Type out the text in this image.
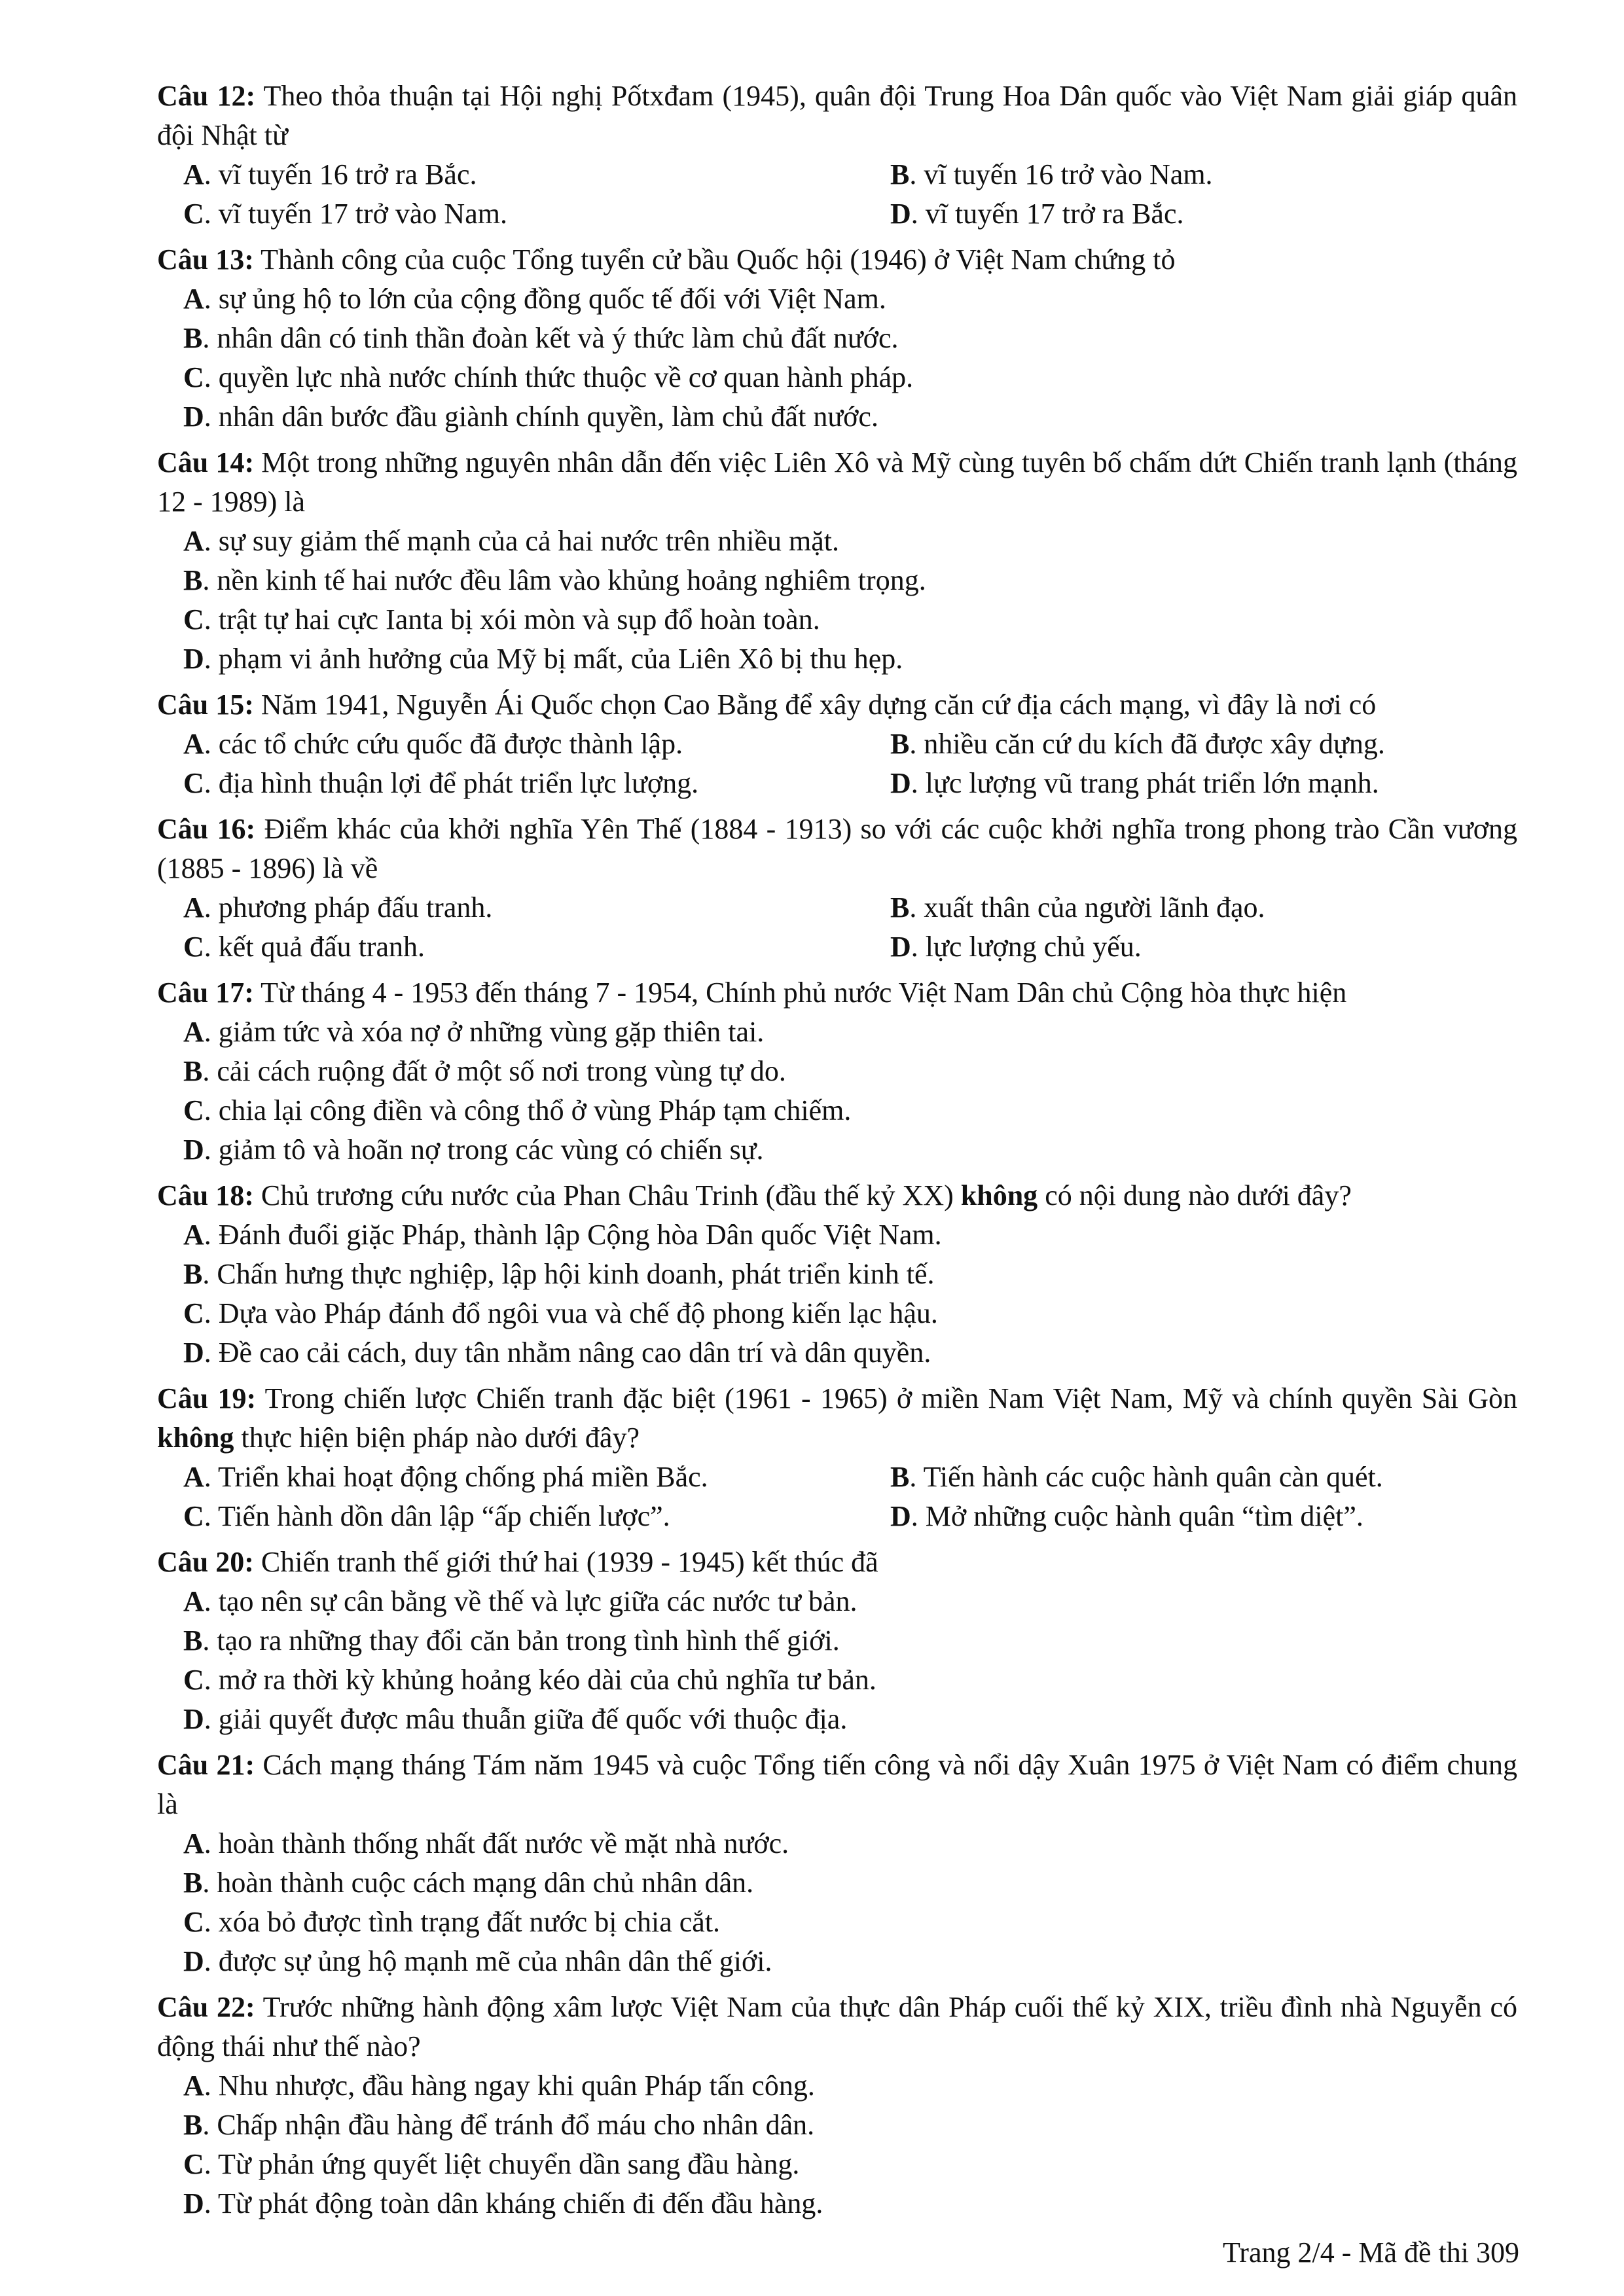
Câu 12: Theo thỏa thuận tại Hội nghị Pốtxđam (1945), quân đội Trung Hoa Dân quốc vào Việt Nam giải giáp quân đội Nhật từ
A. vĩ tuyến 16 trở ra Bắc.	B. vĩ tuyến 16 trở vào Nam.
C. vĩ tuyến 17 trở vào Nam.	D. vĩ tuyến 17 trở ra Bắc.
Câu 13: Thành công của cuộc Tổng tuyển cử bầu Quốc hội (1946) ở Việt Nam chứng tỏ
A. sự ủng hộ to lớn của cộng đồng quốc tế đối với Việt Nam.
B. nhân dân có tinh thần đoàn kết và ý thức làm chủ đất nước.
C. quyền lực nhà nước chính thức thuộc về cơ quan hành pháp.
D. nhân dân bước đầu giành chính quyền, làm chủ đất nước.
Câu 14: Một trong những nguyên nhân dẫn đến việc Liên Xô và Mỹ cùng tuyên bố chấm dứt Chiến tranh lạnh (tháng 12 - 1989) là
A. sự suy giảm thế mạnh của cả hai nước trên nhiều mặt.
B. nền kinh tế hai nước đều lâm vào khủng hoảng nghiêm trọng.
C. trật tự hai cực Ianta bị xói mòn và sụp đổ hoàn toàn.
D. phạm vi ảnh hưởng của Mỹ bị mất, của Liên Xô bị thu hẹp.
Câu 15: Năm 1941, Nguyễn Ái Quốc chọn Cao Bằng để xây dựng căn cứ địa cách mạng, vì đây là nơi có
A. các tổ chức cứu quốc đã được thành lập.	B. nhiều căn cứ du kích đã được xây dựng.
C. địa hình thuận lợi để phát triển lực lượng.	D. lực lượng vũ trang phát triển lớn mạnh.
Câu 16: Điểm khác của khởi nghĩa Yên Thế (1884 - 1913) so với các cuộc khởi nghĩa trong phong trào Cần vương (1885 - 1896) là về
A. phương pháp đấu tranh.	B. xuất thân của người lãnh đạo.
C. kết quả đấu tranh.	D. lực lượng chủ yếu.
Câu 17: Từ tháng 4 - 1953 đến tháng 7 - 1954, Chính phủ nước Việt Nam Dân chủ Cộng hòa thực hiện
A. giảm tức và xóa nợ ở những vùng gặp thiên tai.
B. cải cách ruộng đất ở một số nơi trong vùng tự do.
C. chia lại công điền và công thổ ở vùng Pháp tạm chiếm.
D. giảm tô và hoãn nợ trong các vùng có chiến sự.
Câu 18: Chủ trương cứu nước của Phan Châu Trinh (đầu thế kỷ XX) không có nội dung nào dưới đây?
A. Đánh đuổi giặc Pháp, thành lập Cộng hòa Dân quốc Việt Nam.
B. Chấn hưng thực nghiệp, lập hội kinh doanh, phát triển kinh tế.
C. Dựa vào Pháp đánh đổ ngôi vua và chế độ phong kiến lạc hậu.
D. Đề cao cải cách, duy tân nhằm nâng cao dân trí và dân quyền.
Câu 19: Trong chiến lược Chiến tranh đặc biệt (1961 - 1965) ở miền Nam Việt Nam, Mỹ và chính quyền Sài Gòn không thực hiện biện pháp nào dưới đây?
A. Triển khai hoạt động chống phá miền Bắc.	B. Tiến hành các cuộc hành quân càn quét.
C. Tiến hành dồn dân lập “ấp chiến lược”.	D. Mở những cuộc hành quân “tìm diệt”.
Câu 20: Chiến tranh thế giới thứ hai (1939 - 1945) kết thúc đã
A. tạo nên sự cân bằng về thế và lực giữa các nước tư bản.
B. tạo ra những thay đổi căn bản trong tình hình thế giới.
C. mở ra thời kỳ khủng hoảng kéo dài của chủ nghĩa tư bản.
D. giải quyết được mâu thuẫn giữa đế quốc với thuộc địa.
Câu 21: Cách mạng tháng Tám năm 1945 và cuộc Tổng tiến công và nổi dậy Xuân 1975 ở Việt Nam có điểm chung là
A. hoàn thành thống nhất đất nước về mặt nhà nước.
B. hoàn thành cuộc cách mạng dân chủ nhân dân.
C. xóa bỏ được tình trạng đất nước bị chia cắt.
D. được sự ủng hộ mạnh mẽ của nhân dân thế giới.
Câu 22: Trước những hành động xâm lược Việt Nam của thực dân Pháp cuối thế kỷ XIX, triều đình nhà Nguyễn có động thái như thế nào?
A. Nhu nhược, đầu hàng ngay khi quân Pháp tấn công.
B. Chấp nhận đầu hàng để tránh đổ máu cho nhân dân.
C. Từ phản ứng quyết liệt chuyển dần sang đầu hàng.
D. Từ phát động toàn dân kháng chiến đi đến đầu hàng.
Trang 2/4 - Mã đề thi 309
